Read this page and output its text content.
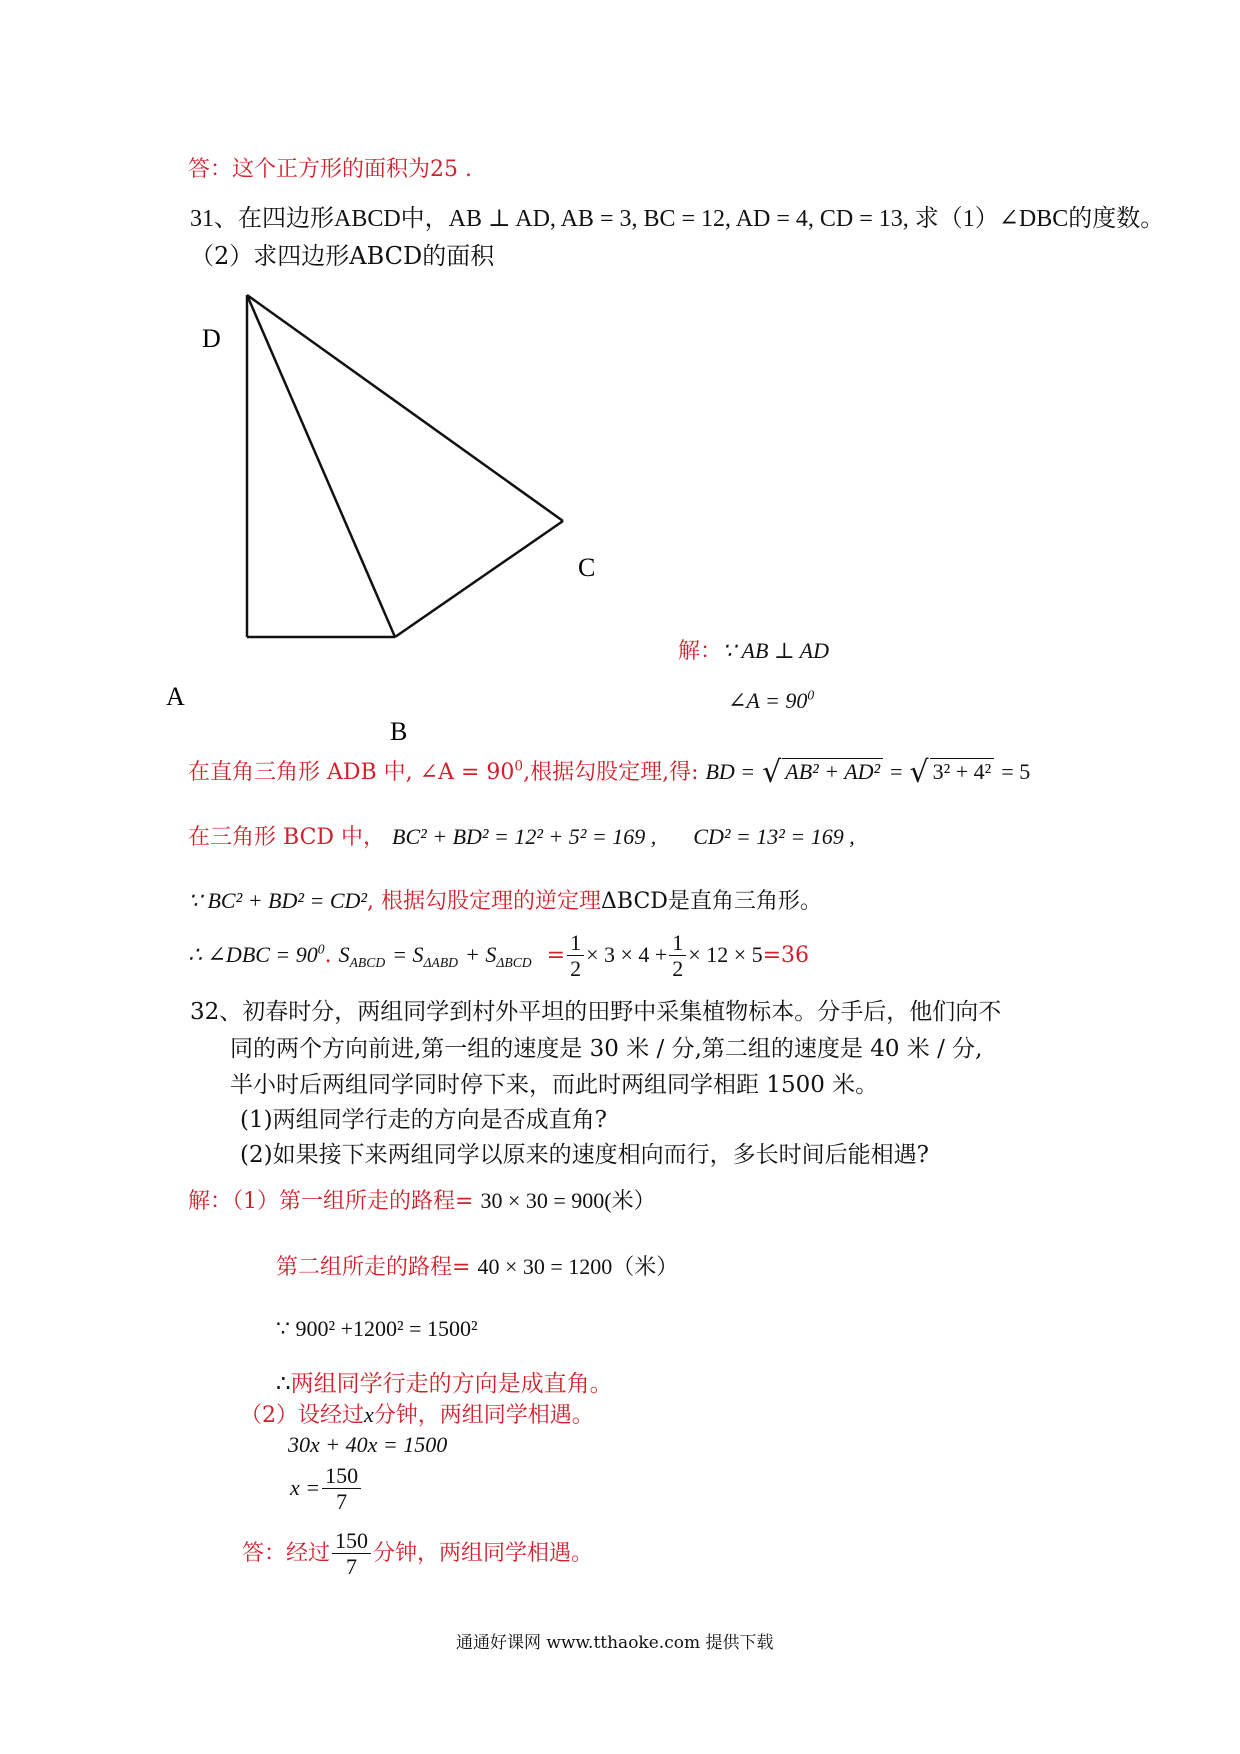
答：这个正方形的面积为25 .
31、在四边形ABCD中，AB ⊥ AD, AB = 3, BC = 12, AD = 4, CD = 13, 求（1）∠DBC的度数。
（2）求四边形ABCD的面积
D
C
A
B
解：∵ AB ⊥ AD
∠A = $90^0$
在直角三角形 ADB 中, ∠A = $90^0$,根据勾股定理,得: BD = √ AB² + AD² = √ 3² + 4² = 5
在三角形 BCD 中， BC² + BD² = 12² + 5² = 169 , CD² = 13² = 169 ,
∵ BC² + BD² = CD², 根据勾股定理的逆定理ΔBCD是直角三角形。
∴ ∠DBC = $90^0$. $S_{ABCD} = S_{\Delta ABD} + S_{\Delta BCD} = \frac{1}{2} \times 3 \times 4 + \frac{1}{2} \times 12 \times 5=36$
32、初春时分，两组同学到村外平坦的田野中采集植物标本。分手后，他们向不
同的两个方向前进,第一组的速度是 30 米 / 分,第二组的速度是 40 米 / 分,
半小时后两组同学同时停下来，而此时两组同学相距 1500 米。
(1)两组同学行走的方向是否成直角?
(2)如果接下来两组同学以原来的速度相向而行，多长时间后能相遇?
解：（1）第一组所走的路程= 30 × 30 = 900(米）
第二组所走的路程= 40 × 30 = 1200（米）
∵ 900² +1200² = 1500²
∴两组同学行走的方向是成直角。
（2）设经过x分钟，两组同学相遇。
30x + 40x = 1500
$x = \frac{150}{7}$
答：经过 $\frac{150}{7}$ 分钟，两组同学相遇。
通通好课网 www.tthaoke.com 提供下载
